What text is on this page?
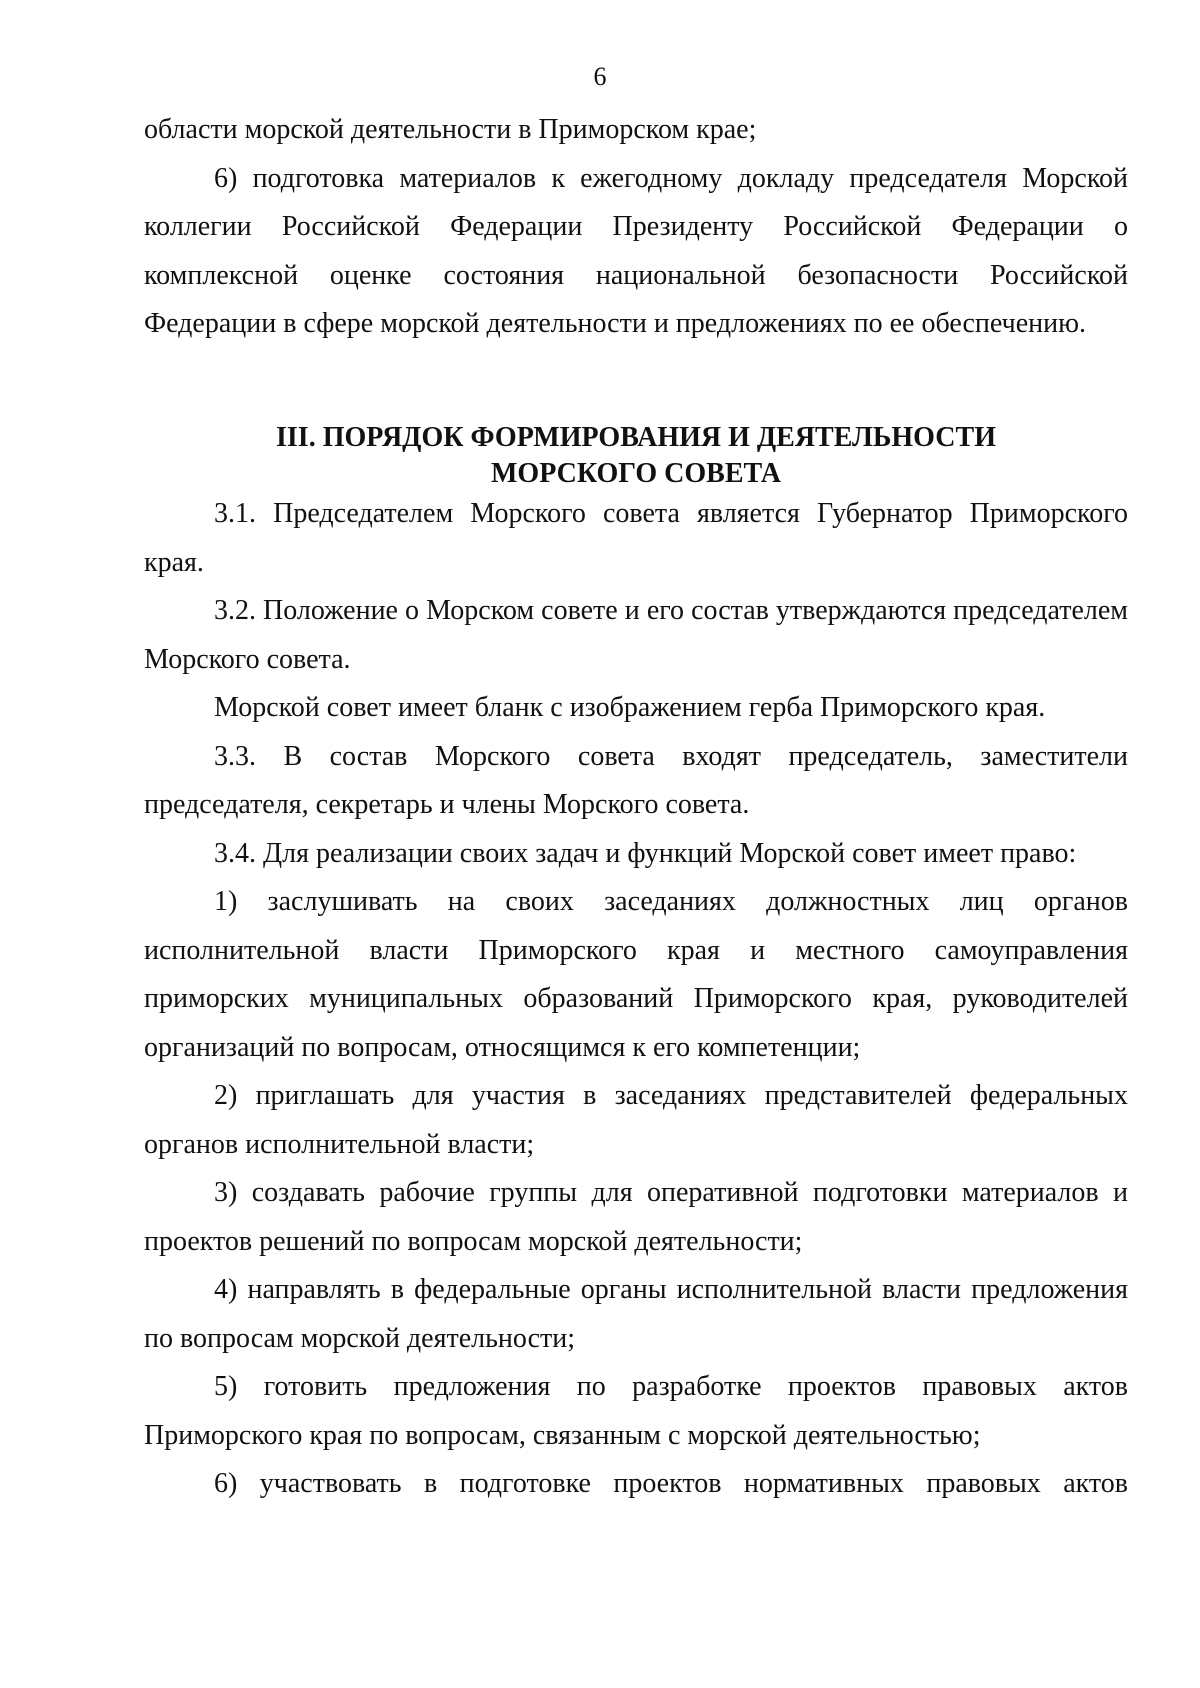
6

области морской деятельности в Приморском крае;

6) подготовка материалов к ежегодному докладу председателя Морской коллегии Российской Федерации Президенту Российской Федерации о комплексной оценке состояния национальной безопасности Российской Федерации в сфере морской деятельности и предложениях по ее обеспечению.

III. ПОРЯДОК ФОРМИРОВАНИЯ И ДЕЯТЕЛЬНОСТИ
МОРСКОГО СОВЕТА

3.1. Председателем Морского совета является Губернатор Приморского края.

3.2. Положение о Морском совете и его состав утверждаются председателем Морского совета.

Морской совет имеет бланк с изображением герба Приморского края.

3.3. В состав Морского совета входят председатель, заместители председателя, секретарь и члены Морского совета.

3.4. Для реализации своих задач и функций Морской совет имеет право:

1) заслушивать на своих заседаниях должностных лиц органов исполнительной власти Приморского края и местного самоуправления приморских муниципальных образований Приморского края, руководителей организаций по вопросам, относящимся к его компетенции;

2) приглашать для участия в заседаниях представителей федеральных органов исполнительной власти;

3) создавать рабочие группы для оперативной подготовки материалов и проектов решений по вопросам морской деятельности;

4) направлять в федеральные органы исполнительной власти предложения по вопросам морской деятельности;

5) готовить предложения по разработке проектов правовых актов Приморского края по вопросам, связанным с морской деятельностью;

6) участвовать в подготовке проектов нормативных правовых актов
